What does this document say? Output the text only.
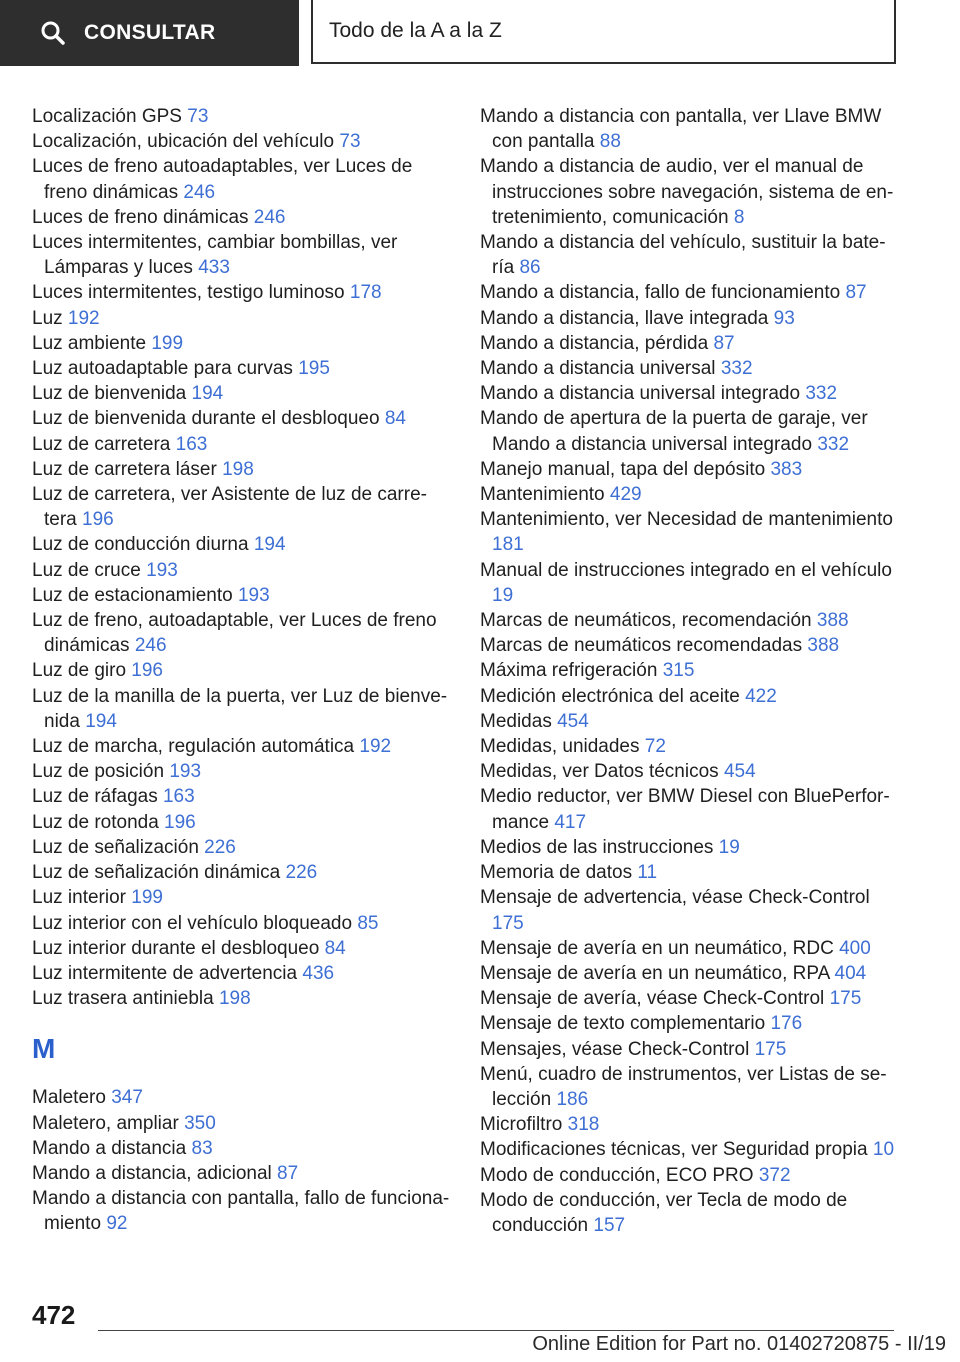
CONSULTAR	Todo de la A a la Z
Localización GPS 73
Localización, ubicación del vehículo 73
Luces de freno autoadaptables, ver Luces de freno dinámicas 246
Luces de freno dinámicas 246
Luces intermitentes, cambiar bombillas, ver Lámparas y luces 433
Luces intermitentes, testigo luminoso 178
Luz 192
Luz ambiente 199
Luz autoadaptable para curvas 195
Luz de bienvenida 194
Luz de bienvenida durante el desbloqueo 84
Luz de carretera 163
Luz de carretera láser 198
Luz de carretera, ver Asistente de luz de carretera 196
Luz de conducción diurna 194
Luz de cruce 193
Luz de estacionamiento 193
Luz de freno, autoadaptable, ver Luces de freno dinámicas 246
Luz de giro 196
Luz de la manilla de la puerta, ver Luz de bienvenida 194
Luz de marcha, regulación automática 192
Luz de posición 193
Luz de ráfagas 163
Luz de rotonda 196
Luz de señalización 226
Luz de señalización dinámica 226
Luz interior 199
Luz interior con el vehículo bloqueado 85
Luz interior durante el desbloqueo 84
Luz intermitente de advertencia 436
Luz trasera antiniebla 198
M
Maletero 347
Maletero, ampliar 350
Mando a distancia 83
Mando a distancia, adicional 87
Mando a distancia con pantalla, fallo de funcionamiento 92
Mando a distancia con pantalla, ver Llave BMW con pantalla 88
Mando a distancia de audio, ver el manual de instrucciones sobre navegación, sistema de entretenimiento, comunicación 8
Mando a distancia del vehículo, sustituir la batería 86
Mando a distancia, fallo de funcionamiento 87
Mando a distancia, llave integrada 93
Mando a distancia, pérdida 87
Mando a distancia universal 332
Mando a distancia universal integrado 332
Mando de apertura de la puerta de garaje, ver Mando a distancia universal integrado 332
Manejo manual, tapa del depósito 383
Mantenimiento 429
Mantenimiento, ver Necesidad de mantenimiento 181
Manual de instrucciones integrado en el vehículo 19
Marcas de neumáticos, recomendación 388
Marcas de neumáticos recomendadas 388
Máxima refrigeración 315
Medición electrónica del aceite 422
Medidas 454
Medidas, unidades 72
Medidas, ver Datos técnicos 454
Medio reductor, ver BMW Diesel con BluePerformance 417
Medios de las instrucciones 19
Memoria de datos 11
Mensaje de advertencia, véase Check-Control 175
Mensaje de avería en un neumático, RDC 400
Mensaje de avería en un neumático, RPA 404
Mensaje de avería, véase Check-Control 175
Mensaje de texto complementario 176
Mensajes, véase Check-Control 175
Menú, cuadro de instrumentos, ver Listas de selección 186
Microfiltro 318
Modificaciones técnicas, ver Seguridad propia 10
Modo de conducción, ECO PRO 372
Modo de conducción, ver Tecla de modo de conducción 157
472
Online Edition for Part no. 01402720875 - II/19
